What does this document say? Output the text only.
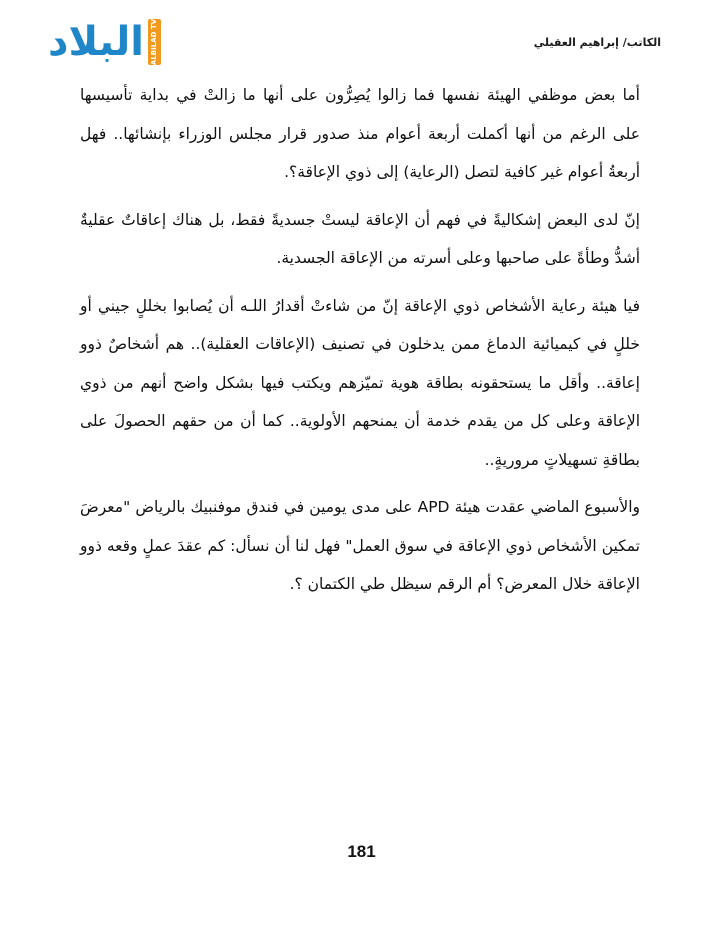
البلاد ALBILAD TV	الكاتب/ إبراهيم العقيلي

أما بعض موظفي الهيئة نفسها فما زالوا يُصِرُّون على أنها ما زالتْ في بداية تأسيسها على الرغم من أنها أكملت أربعة أعوام منذ صدور قرار مجلس الوزراء بإنشائها.. فهل أربعةُ أعوام غير كافية لتصل (الرعاية) إلى ذوي الإعاقة؟.

إنّ لدى البعض إشكاليةً في فهم أن الإعاقة ليستْ جسديةً فقط، بل هناك إعاقاتٌ عقليةٌ أشدُّ وطأةً على صاحبها وعلى أسرته من الإعاقة الجسدية.

فيا هيئة رعاية الأشخاص ذوي الإعاقة إنّ من شاءتْ أقدارُ اللـه أن يُصابوا بخللٍ جيني أو خللٍ في كيميائية الدماغ ممن يدخلون في تصنيف (الإعاقات العقلية).. هم أشخاصٌ ذوو إعاقة.. وأقل ما يستحقونه بطاقة هوية تميّزهم ويكتب فيها بشكل واضح أنهم من ذوي الإعاقة وعلى كل من يقدم خدمة أن يمنحهم الأولوية.. كما أن من حقهم الحصولَ على بطاقةِ تسهيلاتٍ مروريةٍ..

والأسبوع الماضي عقدت هيئة APD على مدى يومين في فندق موفنبيك بالرياض "معرضَ تمكين الأشخاص ذوي الإعاقة في سوق العمل" فهل لنا أن نسأل: كم عقدَ عملٍ وقعه ذوو الإعاقة خلال المعرض؟ أم الرقم سيظل طي الكتمان ؟.

181
